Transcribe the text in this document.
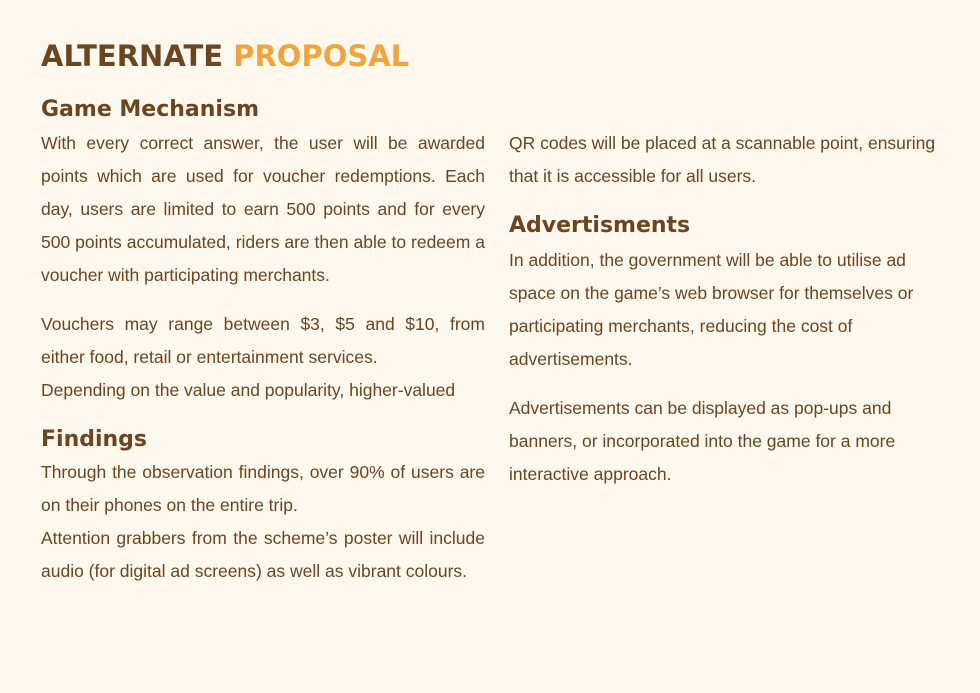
ALTERNATE PROPOSAL
Game Mechanism

With every correct answer, the user will be awarded points which are used for voucher redemptions. Each day, users are limited to earn 500 points and for every 500 points accumulated, riders are then able to redeem a voucher with participating merchants.

Vouchers may range between $3, $5 and $10, from either food, retail or entertainment services.

Depending on the value and popularity, higher-valued

Findings

Through the observation findings, over 90% of users are on their phones on the entire trip.

Attention grabbers from the scheme’s poster will include audio (for digital ad screens) as well as vibrant colours.

QR codes will be placed at a scannable point, ensuring that it is accessible for all users.

Advertisments

In addition, the government will be able to utilise ad space on the game’s web browser for themselves or participating merchants, reducing the cost of advertisements.

Advertisements can be displayed as pop-ups and banners, or incorporated into the game for a more interactive approach.
